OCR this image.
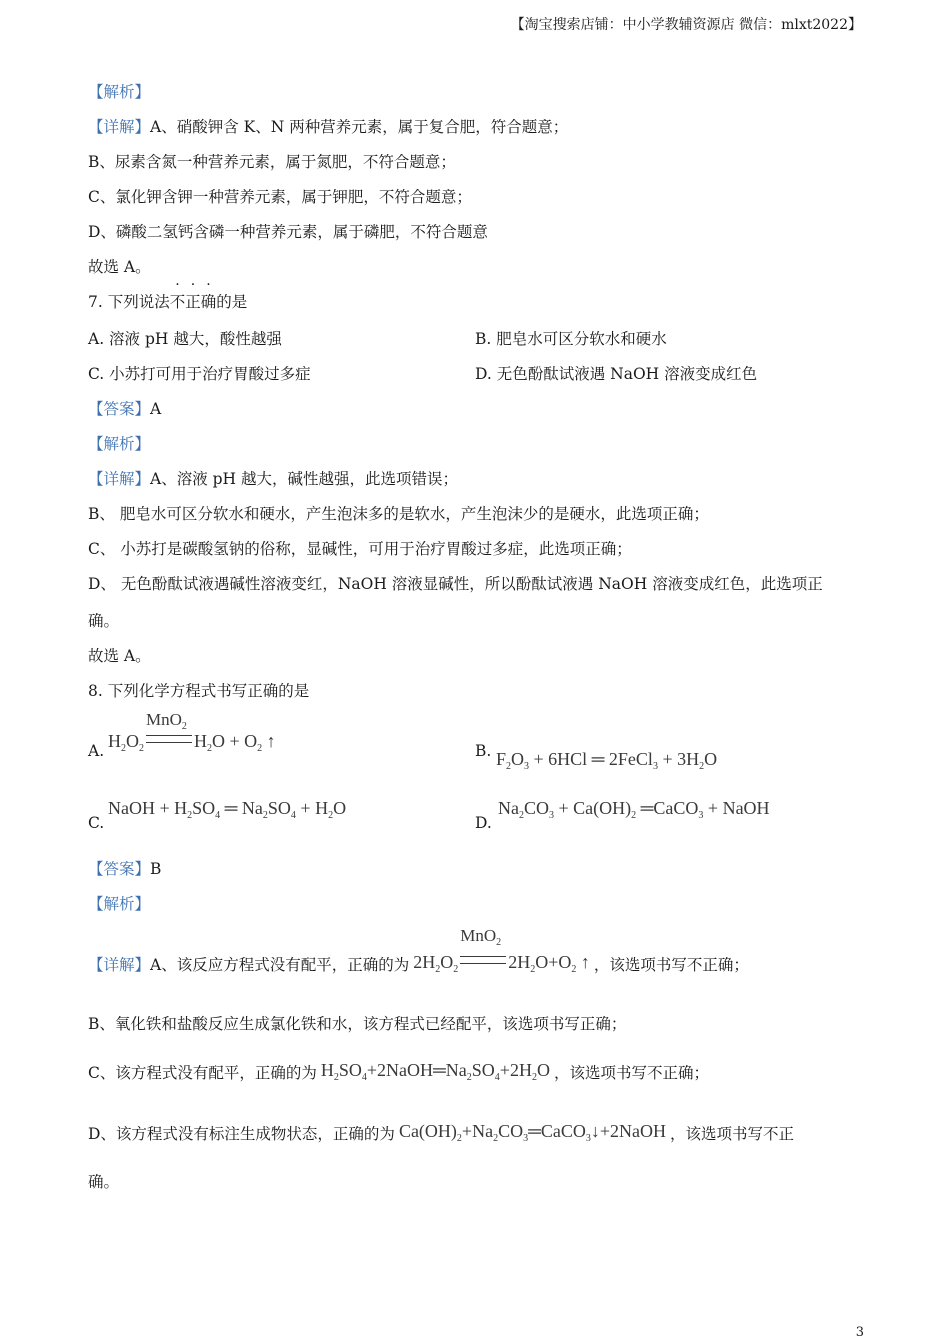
【淘宝搜索店铺：中小学教辅资源店 微信：mlxt2022】
【解析】
【详解】A、硝酸钾含 K、N 两种营养元素，属于复合肥，符合题意；
B、尿素含氮一种营养元素，属于氮肥，不符合题意；
C、氯化钾含钾一种营养元素，属于钾肥，不符合题意；
D、磷酸二氢钙含磷一种营养元素，属于磷肥，不符合题意
故选 A。
7. 下列说法不正确的是
A. 溶液 pH 越大，酸性越强	B. 肥皂水可区分软水和硬水
C. 小苏打可用于治疗胃酸过多症	D. 无色酚酞试液遇 NaOH 溶液变成红色
【答案】A
【解析】
【详解】A、溶液 pH 越大，碱性越强，此选项错误；
B、 肥皂水可区分软水和硬水，产生泡沫多的是软水，产生泡沫少的是硬水，此选项正确；
C、 小苏打是碳酸氢钠的俗称，显碱性，可用于治疗胃酸过多症，此选项正确；
D、 无色酚酞试液遇碱性溶液变红，NaOH 溶液显碱性，所以酚酞试液遇 NaOH 溶液变成红色，此选项正
确。
故选 A。
8. 下列化学方程式书写正确的是
A. $H_2O_2$
MnO$_2$
$H_2O + O_2$ ↑	B. $F_2O_3 + 6HCl$ ═ 2FeCl$_3$ + $3H_2O$
C.
NaOH + $H_2SO_4$ ═ $Na_2SO_4 + H_2O$
D.
$Na_2CO_3 + Ca(OH)_2$ ═CaCO$_3$ + NaOH
【答案】B
【解析】
【详解】A、该反应方程式没有配平，正确的为 $2H_2O_2$
MnO$_2$
$2H_2O+O_2$ ↑ ，该选项书写不正确；
B、氧化铁和盐酸反应生成氯化铁和水，该方程式已经配平，该选项书写正确；
C、该方程式没有配平，正确的为 $H_2SO_4+2NaOH═Na_2SO_4+2H_2O$ ，该选项书写不正确；
D、该方程式没有标注生成物状态，正确的为 $Ca(OH)_2+Na_2CO_3═CaCO_3↓+2NaOH$ ，该选项书写不正
确。
3
